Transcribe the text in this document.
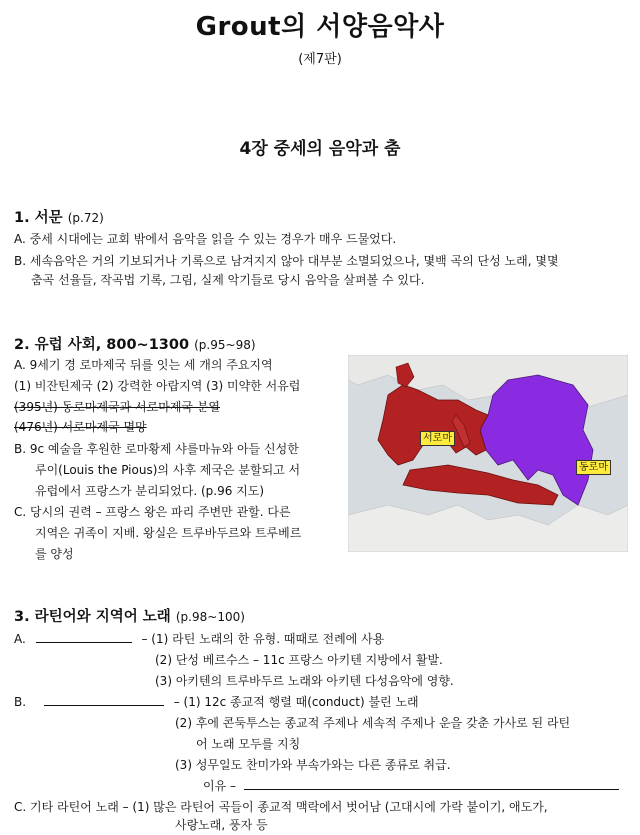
Grout의 서양음악사
(제7판)
4장 중세의 음악과 춤
1. 서문 (p.72)
A. 중세 시대에는 교회 밖에서 음악을 읽을 수 있는 경우가 매우 드물었다.
B. 세속음악은 거의 기보되거나 기록으로 남겨지지 않아 대부분 소멸되었으나, 몇백 곡의 단성 노래, 몇몇
춤곡 선율들, 작곡법 기록, 그림, 실제 악기들로 당시 음악을 살펴볼 수 있다.
2. 유럽 사회, 800~1300 (p.95~98)
A. 9세기 경 로마제국 뒤를 잇는 세 개의 주요지역
(1) 비잔틴제국 (2) 강력한 아랍지역 (3) 미약한 서유럽
(395년) 동로마제국과 서로마제국 분열
(476년) 서로마제국 멸망
B. 9c 예술을 후원한 로마황제 샤를마뉴와 아들 신성한
루이(Louis the Pious)의 사후 제국은 분할되고 서
유럽에서 프랑스가 분리되었다. (p.96 지도)
C. 당시의 권력 – 프랑스 왕은 파리 주변만 관할. 다른
지역은 귀족이 지배. 왕실은 트루바두르와 트루베르
를 양성
서로마
동로마
3. 라틴어와 지역어 노래 (p.98~100)
A.	– (1) 라틴 노래의 한 유형. 때때로 전례에 사용
(2) 단성 베르수스 – 11c 프랑스 아키텐 지방에서 활발.
(3) 아키텐의 트루바두르 노래와 아키텐 다성음악에 영향.
B.	– (1) 12c 종교적 행렬 때(conduct) 불린 노래
(2) 후에 콘둑투스는 종교적 주제나 세속적 주제나 운을 갖춘 가사로 된 라틴
어 노래 모두를 지칭
(3) 성무일도 찬미가와 부속가와는 다른 종류로 취급.
이유 –
C. 기타 라틴어 노래 – (1) 많은 라틴어 곡들이 종교적 맥락에서 벗어남 (고대시에 가락 붙이기, 애도가,
사랑노래, 풍자 등
